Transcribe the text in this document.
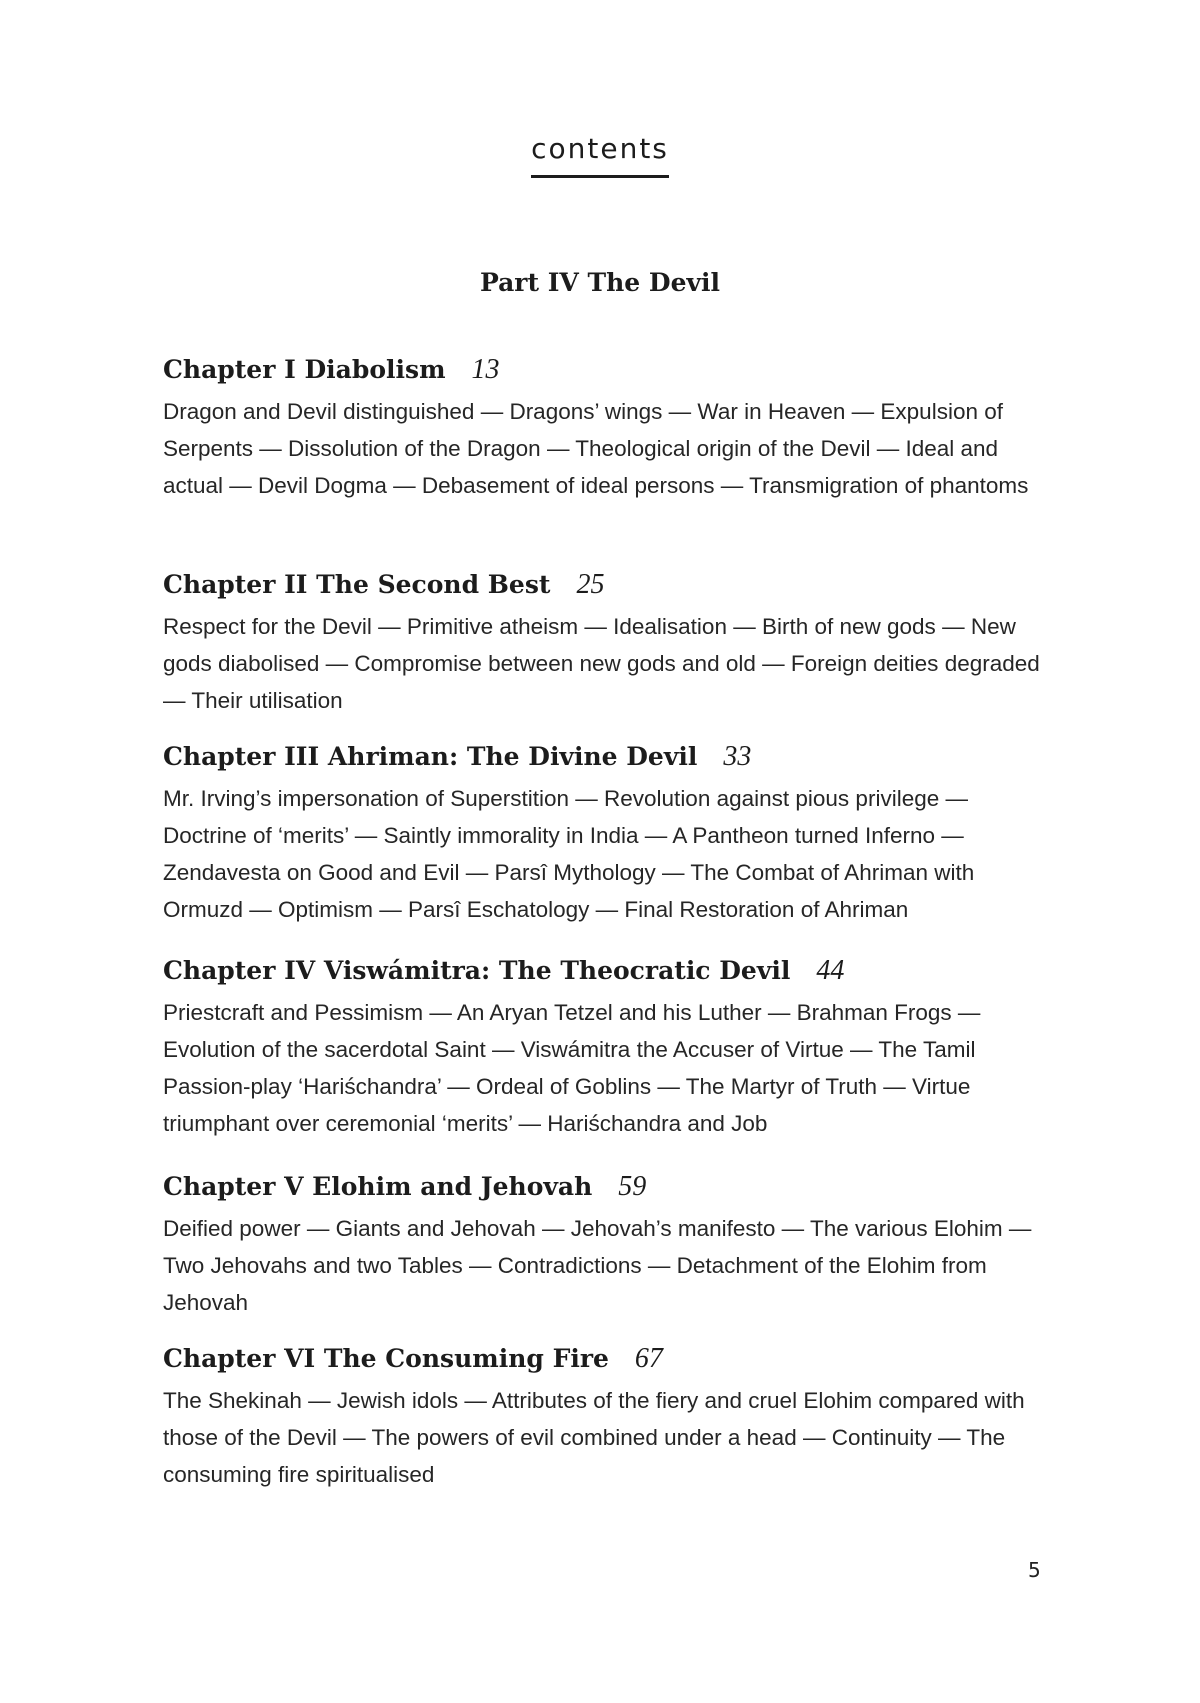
contents
Part IV The Devil
Chapter I Diabolism 13
Dragon and Devil distinguished — Dragons’ wings — War in Heaven — Expulsion of Serpents — Dissolution of the Dragon — Theological origin of the Devil — Ideal and actual — Devil Dogma — Debasement of ideal persons — Transmigration of phantoms
Chapter II The Second Best 25
Respect for the Devil — Primitive atheism — Idealisation — Birth of new gods — New gods diabolised — Compromise between new gods and old — Foreign deities degraded — Their utilisation
Chapter III Ahriman: The Divine Devil 33
Mr. Irving’s impersonation of Superstition — Revolution against pious privilege — Doctrine of ‘merits’ — Saintly immorality in India — A Pantheon turned Inferno — Zendavesta on Good and Evil — Parsî Mythology — The Combat of Ahriman with Ormuzd — Optimism — Parsî Eschatology — Final Restoration of Ahriman
Chapter IV Viswámitra: The Theocratic Devil 44
Priestcraft and Pessimism — An Aryan Tetzel and his Luther — Brahman Frogs — Evolution of the sacerdotal Saint — Viswámitra the Accuser of Virtue — The Tamil Passion-play ‘Hariśchandra’ — Ordeal of Goblins — The Martyr of Truth — Virtue triumphant over ceremonial ‘merits’ — Hariśchandra and Job
Chapter V Elohim and Jehovah 59
Deified power — Giants and Jehovah — Jehovah’s manifesto — The various Elohim — Two Jehovahs and two Tables — Contradictions — Detachment of the Elohim from Jehovah
Chapter VI The Consuming Fire 67
The Shekinah — Jewish idols — Attributes of the fiery and cruel Elohim compared with those of the Devil — The powers of evil combined under a head — Continuity — The consuming fire spiritualised
5
